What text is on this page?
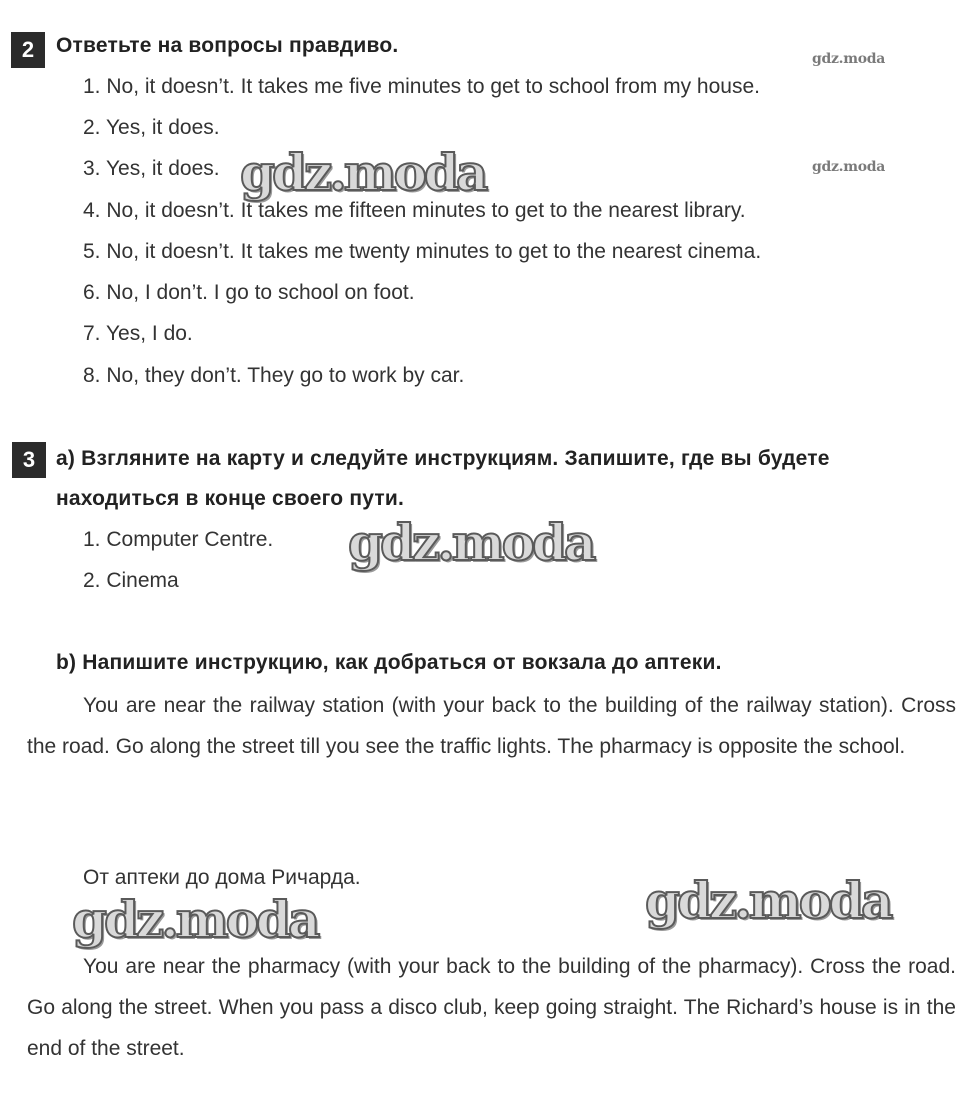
2	Ответьте на вопросы правдиво.
1. No, it doesn’t. It takes me five minutes to get to school from my house.
2. Yes, it does.
3. Yes, it does.
4. No, it doesn’t. It takes me fifteen minutes to get to the nearest library.
5. No, it doesn’t. It takes me twenty minutes to get to the nearest cinema.
6. No, I don’t. I go to school on foot.
7. Yes, I do.
8. No, they don’t. They go to work by car.
3 а) Взгляните на карту и следуйте инструкциям. Запишите, где вы будете
находиться в конце своего пути.
1. Computer Centre.
2. Cinema
b) Напишите инструкцию, как добраться от вокзала до аптеки.

You are near the railway station (with your back to the building of the railway station). Cross the road. Go along the street till you see the traffic lights. The pharmacy is opposite the school.

От аптеки до дома Ричарда.

You are near the pharmacy (with your back to the building of the pharmacy). Cross the road. Go along the street. When you pass a disco club, keep going straight. The Richard’s house is in the end of the street.

gdz.moda
gdz.moda
gdz.moda
gdz.moda
gdz.moda	gdz.moda
